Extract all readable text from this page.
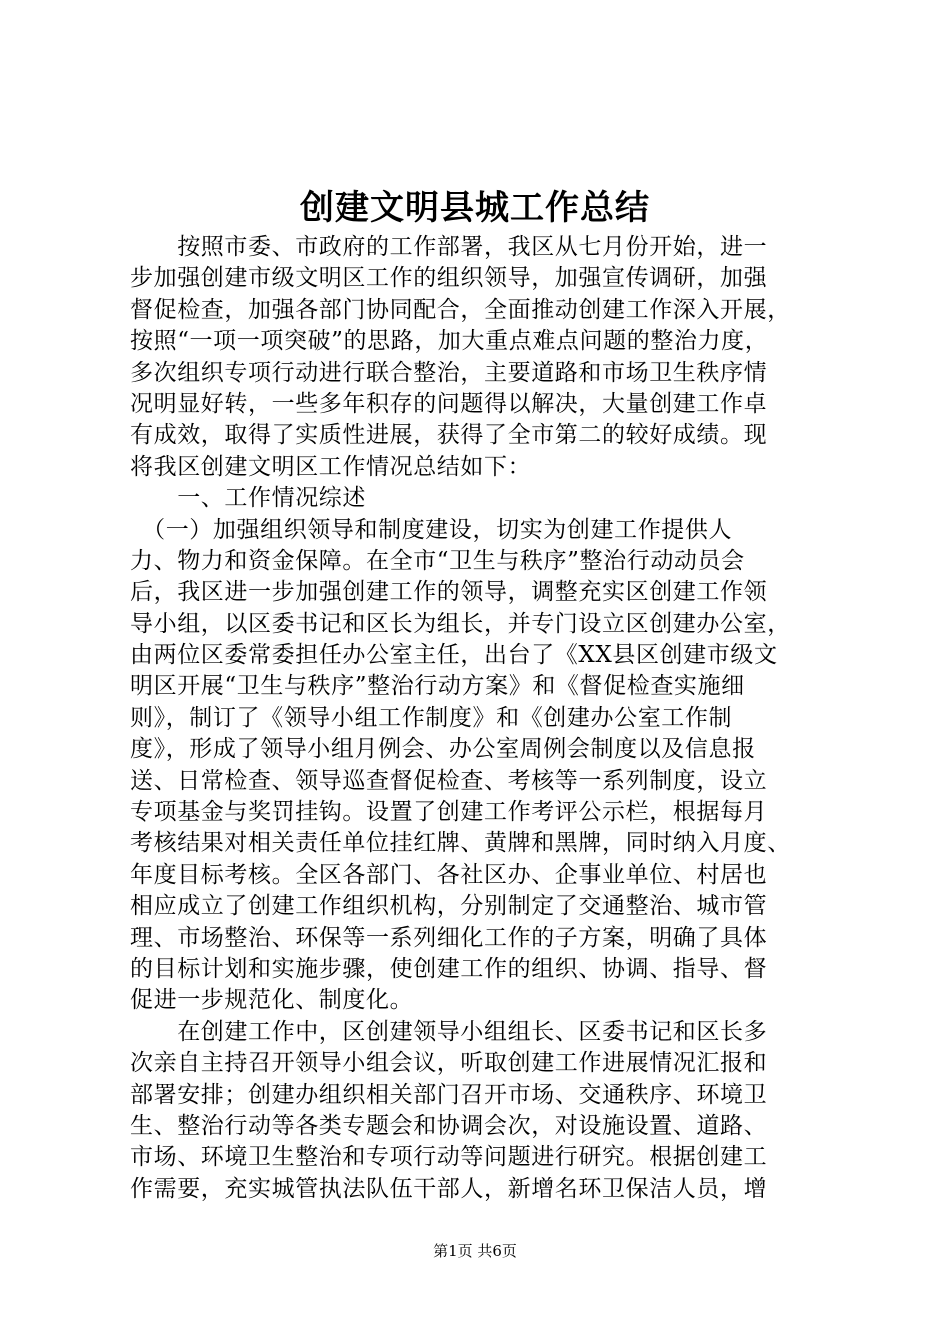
创建文明县城工作总结
　　按照市委、市政府的工作部署，我区从七月份开始，进一
步加强创建市级文明区工作的组织领导，加强宣传调研，加强
督促检查，加强各部门协同配合，全面推动创建工作深入开展，
按照“一项一项突破”的思路，加大重点难点问题的整治力度，
多次组织专项行动进行联合整治，主要道路和市场卫生秩序情
况明显好转，一些多年积存的问题得以解决，大量创建工作卓
有成效，取得了实质性进展，获得了全市第二的较好成绩。现
将我区创建文明区工作情况总结如下：
　　一、工作情况综述
　（一）加强组织领导和制度建设，切实为创建工作提供人
力、物力和资金保障。在全市“卫生与秩序”整治行动动员会
后，我区进一步加强创建工作的领导，调整充实区创建工作领
导小组，以区委书记和区长为组长，并专门设立区创建办公室，
由两位区委常委担任办公室主任，出台了《XX县区创建市级文
明区开展“卫生与秩序”整治行动方案》和《督促检查实施细
则》，制订了《领导小组工作制度》和《创建办公室工作制
度》，形成了领导小组月例会、办公室周例会制度以及信息报
送、日常检查、领导巡查督促检查、考核等一系列制度，设立
专项基金与奖罚挂钩。设置了创建工作考评公示栏，根据每月
考核结果对相关责任单位挂红牌、黄牌和黑牌，同时纳入月度、
年度目标考核。全区各部门、各社区办、企事业单位、村居也
相应成立了创建工作组织机构，分别制定了交通整治、城市管
理、市场整治、环保等一系列细化工作的子方案，明确了具体
的目标计划和实施步骤，使创建工作的组织、协调、指导、督
促进一步规范化、制度化。
　　在创建工作中，区创建领导小组组长、区委书记和区长多
次亲自主持召开领导小组会议，听取创建工作进展情况汇报和
部署安排；创建办组织相关部门召开市场、交通秩序、环境卫
生、整治行动等各类专题会和协调会次，对设施设置、道路、
市场、环境卫生整治和专项行动等问题进行研究。根据创建工
作需要，充实城管执法队伍干部人，新增名环卫保洁人员，增
第1页 共6页
